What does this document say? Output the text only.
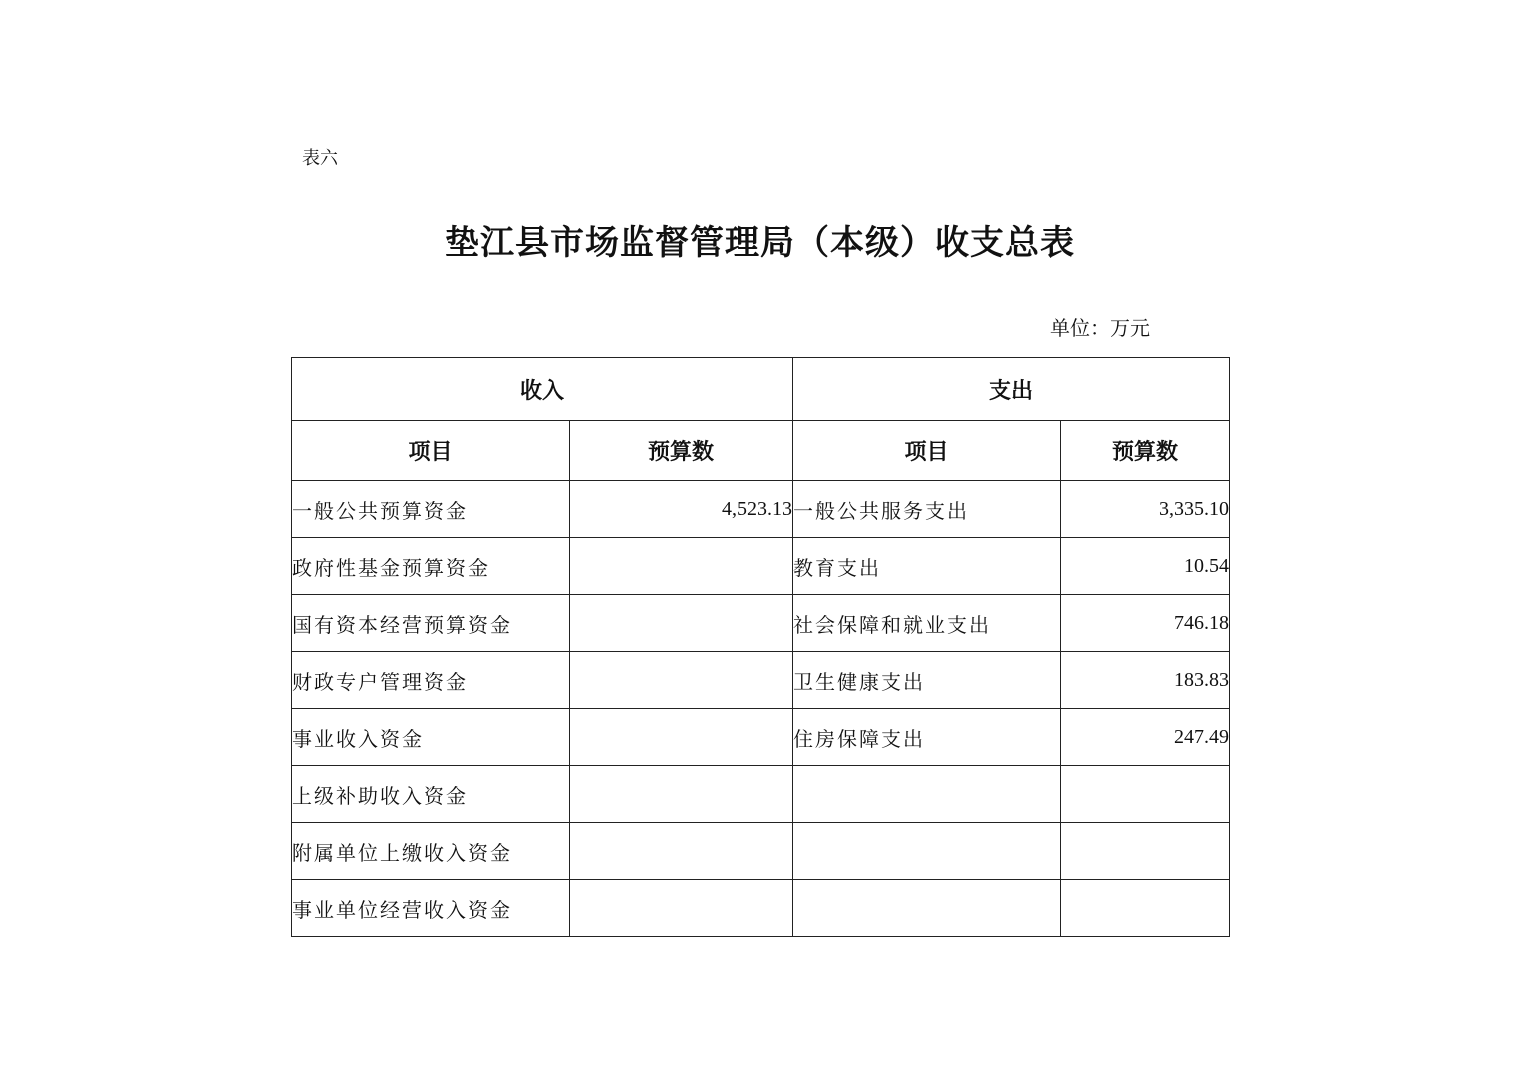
表六
垫江县市场监督管理局（本级）收支总表
单位：万元
收入		支出	
项目	预算数	项目	预算数
一般公共预算资金	4,523.13	一般公共服务支出	3,335.10
政府性基金预算资金		教育支出	10.54
国有资本经营预算资金		社会保障和就业支出	746.18
财政专户管理资金		卫生健康支出	183.83
事业收入资金		住房保障支出	247.49
上级补助收入资金			
附属单位上缴收入资金			
事业单位经营收入资金			
